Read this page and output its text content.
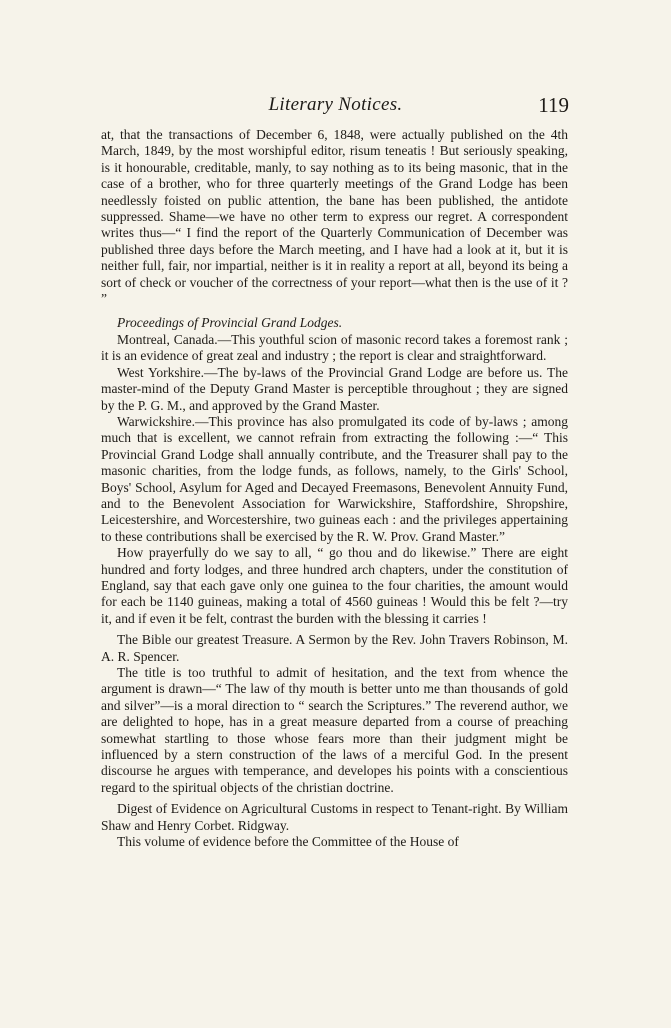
Literary Notices.	119

at, that the transactions of December 6, 1848, were actually published on the 4th March, 1849, by the most worshipful editor, risum teneatis ! But seriously speaking, is it honourable, creditable, manly, to say nothing as to its being masonic, that in the case of a brother, who for three quarterly meetings of the Grand Lodge has been needlessly foisted on public attention, the bane has been published, the antidote suppressed. Shame—we have no other term to express our regret. A correspondent writes thus—“ I find the report of the Quarterly Communication of December was published three days before the March meeting, and I have had a look at it, but it is neither full, fair, nor impartial, neither is it in reality a report at all, beyond its being a sort of check or voucher of the correctness of your report—what then is the use of it ? ”

Proceedings of Provincial Grand Lodges.

Montreal, Canada.—This youthful scion of masonic record takes a foremost rank ; it is an evidence of great zeal and industry ; the report is clear and straightforward.

West Yorkshire.—The by-laws of the Provincial Grand Lodge are before us. The master-mind of the Deputy Grand Master is perceptible throughout ; they are signed by the P. G. M., and approved by the Grand Master.

Warwickshire.—This province has also promulgated its code of by-laws ; among much that is excellent, we cannot refrain from extracting the following :—“ This Provincial Grand Lodge shall annually contribute, and the Treasurer shall pay to the masonic charities, from the lodge funds, as follows, namely, to the Girls' School, Boys' School, Asylum for Aged and Decayed Freemasons, Benevolent Annuity Fund, and to the Benevolent Association for Warwickshire, Staffordshire, Shropshire, Leicestershire, and Worcestershire, two guineas each : and the privileges appertaining to these contributions shall be exercised by the R. W. Prov. Grand Master.”

How prayerfully do we say to all, “ go thou and do likewise.” There are eight hundred and forty lodges, and three hundred arch chapters, under the constitution of England, say that each gave only one guinea to the four charities, the amount would for each be 1140 guineas, making a total of 4560 guineas ! Would this be felt ?—try it, and if even it be felt, contrast the burden with the blessing it carries !

The Bible our greatest Treasure. A Sermon by the Rev. John Travers Robinson, M. A. R. Spencer.

The title is too truthful to admit of hesitation, and the text from whence the argument is drawn—“ The law of thy mouth is better unto me than thousands of gold and silver”—is a moral direction to “ search the Scriptures.” The reverend author, we are delighted to hope, has in a great measure departed from a course of preaching somewhat startling to those whose fears more than their judgment might be influenced by a stern construction of the laws of a merciful God. In the present discourse he argues with temperance, and developes his points with a conscientious regard to the spiritual objects of the christian doctrine.

Digest of Evidence on Agricultural Customs in respect to Tenant-right. By William Shaw and Henry Corbet. Ridgway.

This volume of evidence before the Committee of the House of
